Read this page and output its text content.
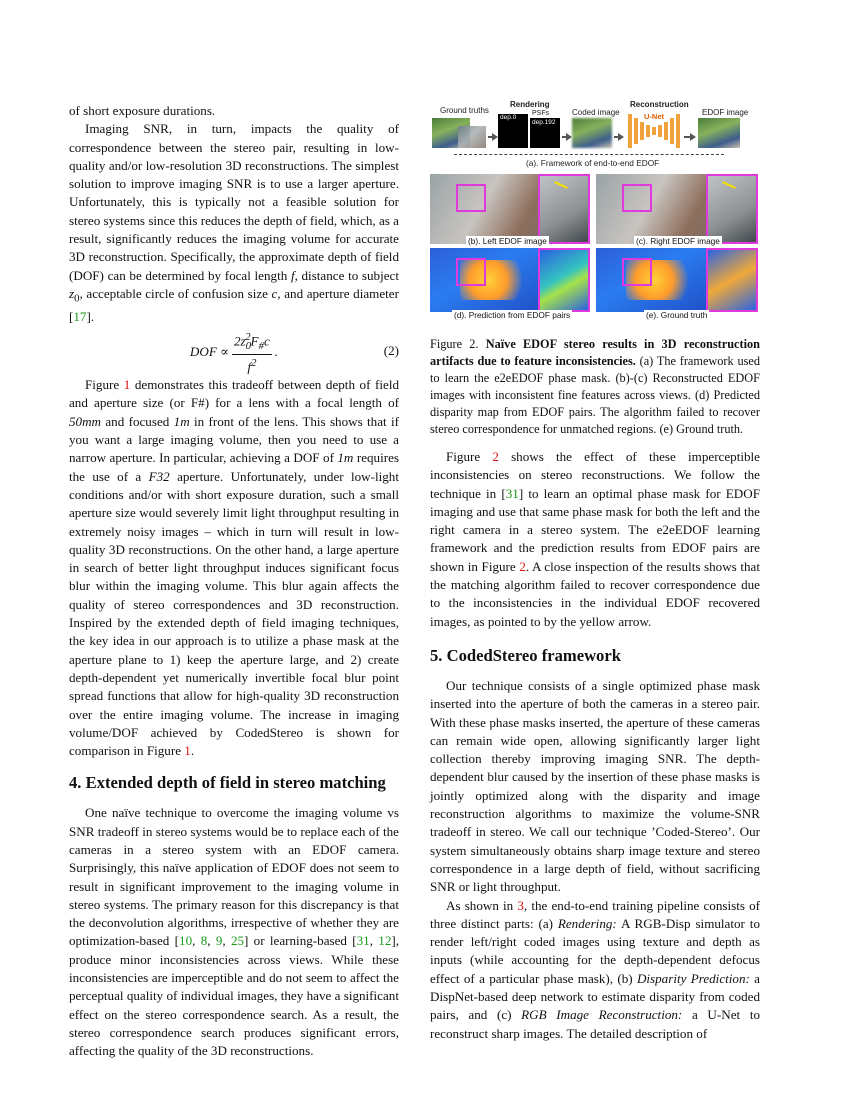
of short exposure durations.

Imaging SNR, in turn, impacts the quality of correspondence between the stereo pair, resulting in low-quality and/or low-resolution 3D reconstructions. The simplest solution to improve imaging SNR is to use a larger aperture. Unfortunately, this is typically not a feasible solution for stereo systems since this reduces the depth of field, which, as a result, significantly reduces the imaging volume for accurate 3D reconstruction. Specifically, the approximate depth of field (DOF) can be determined by focal length f, distance to subject $z_0$, acceptable circle of confusion size c, and aperture diameter [17].

DOF ∝ $\frac{2z_0^2F_{\#}c}{f^2}$ .	(2)

Figure 1 demonstrates this tradeoff between depth of field and aperture size (or F#) for a lens with a focal length of 50mm and focused 1m in front of the lens. This shows that if you want a large imaging volume, then you need to use a narrow aperture. In particular, achieving a DOF of 1m requires the use of a F32 aperture. Unfortunately, under low-light conditions and/or with short exposure duration, such a small aperture size would severely limit light throughput resulting in extremely noisy images – which in turn will result in low-quality 3D reconstructions. On the other hand, a large aperture in search of better light throughput induces significant focus blur within the imaging volume. This blur again affects the quality of stereo correspondences and 3D reconstruction. Inspired by the extended depth of field imaging techniques, the key idea in our approach is to utilize a phase mask at the aperture plane to 1) keep the aperture large, and 2) create depth-dependent yet numerically invertible focal blur point spread functions that allow for high-quality 3D reconstruction over the entire imaging volume. The increase in imaging volume/DOF achieved by CodedStereo is shown for comparison in Figure 1.

4. Extended depth of field in stereo matching

One naïve technique to overcome the imaging volume vs SNR tradeoff in stereo systems would be to replace each of the cameras in a stereo system with an EDOF camera. Surprisingly, this naïve application of EDOF does not seem to result in significant improvement to the imaging volume in stereo systems. The primary reason for this discrepancy is that the deconvolution algorithms, irrespective of whether they are optimization-based [10, 8, 9, 25] or learning-based [31, 12], produce minor inconsistencies across views. While these inconsistencies are imperceptible and do not seem to affect the perceptual quality of individual images, they have a significant effect on the stereo correspondence search. As a result, the stereo correspondence search produces significant errors, affecting the quality of the 3D reconstructions.

Ground truths
Rendering
PSFs
dep.0
dep.192
Coded image
Reconstruction
U-Net	EDOF image
(a). Framework of end-to-end EDOF
(b). Left EDOF image	(c). Right EDOF image
(d). Prediction from EDOF pairs	(e). Ground truth
Figure 2. Naïve EDOF stereo results in 3D reconstruction artifacts due to feature inconsistencies. (a) The framework used to learn the e2eEDOF phase mask. (b)-(c) Reconstructed EDOF images with inconsistent fine features across views. (d) Predicted disparity map from EDOF pairs. The algorithm failed to recover stereo correspondence for unmatched regions. (e) Ground truth.

Figure 2 shows the effect of these imperceptible inconsistencies on stereo reconstructions. We follow the technique in [31] to learn an optimal phase mask for EDOF imaging and use that same phase mask for both the left and the right camera in a stereo system. The e2eEDOF learning framework and the prediction results from EDOF pairs are shown in Figure 2. A close inspection of the results shows that the matching algorithm failed to recover correspondence due to the inconsistencies in the individual EDOF recovered images, as pointed to by the yellow arrow.

5. CodedStereo framework

Our technique consists of a single optimized phase mask inserted into the aperture of both the cameras in a stereo pair. With these phase masks inserted, the aperture of these cameras can remain wide open, allowing significantly larger light collection thereby improving imaging SNR. The depth-dependent blur caused by the insertion of these phase masks is jointly optimized along with the disparity and image reconstruction algorithms to maximize the volume-SNR tradeoff in stereo. We call our technique ’Coded-Stereo’. Our system simultaneously obtains sharp image texture and stereo correspondence in a large depth of field, without sacrificing SNR or light throughput.

As shown in 3, the end-to-end training pipeline consists of three distinct parts: (a) Rendering: A RGB-Disp simulator to render left/right coded images using texture and depth as inputs (while accounting for the depth-dependent defocus effect of a particular phase mask), (b) Disparity Prediction: a DispNet-based deep network to estimate disparity from coded pairs, and (c) RGB Image Reconstruction: a U-Net to reconstruct sharp images. The detailed description of
